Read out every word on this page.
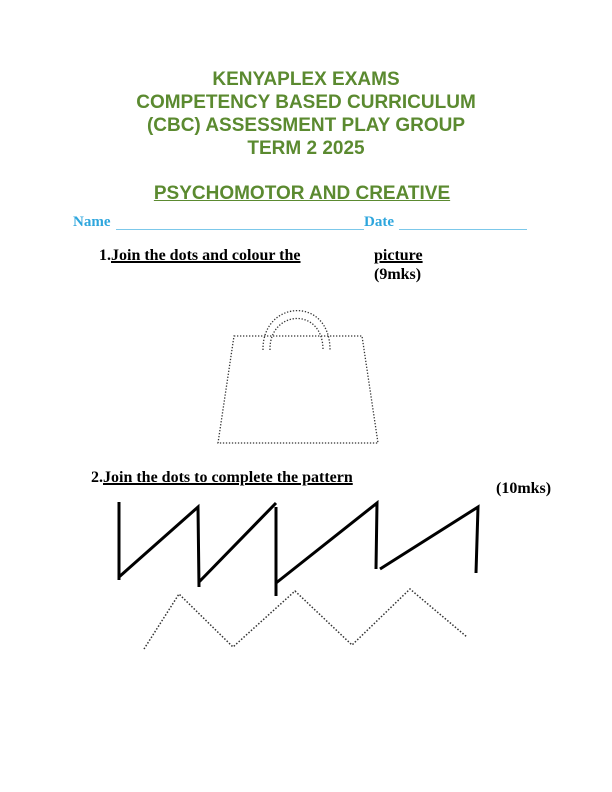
KENYAPLEX EXAMS
COMPETENCY BASED CURRICULUM
(CBC) ASSESSMENT PLAY GROUP
TERM 2 2025
PSYCHOMOTOR AND CREATIVE
Name	Date
1.Join the dots and colour the	picture
(9mks)
2.Join the dots to complete the pattern
(10mks)
